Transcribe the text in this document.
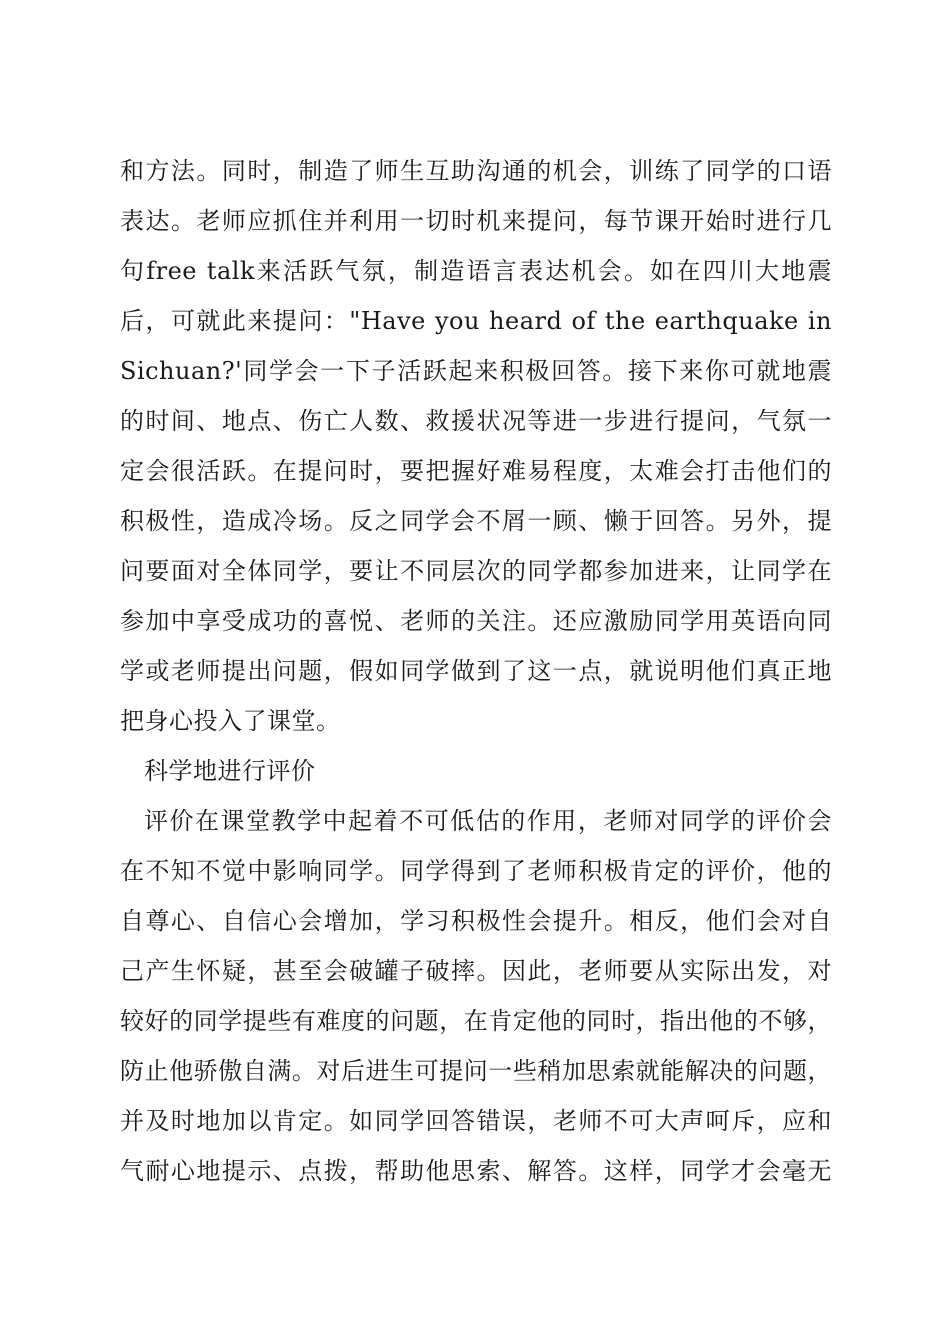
和方法。同时，制造了师生互助沟通的机会，训练了同学的口语
表达。老师应抓住并利用一切时机来提问，每节课开始时进行几
句free talk来活跃气氛，制造语言表达机会。如在四川大地震
后，可就此来提问："Have you heard of the earthquake in
Sichuan?'同学会一下子活跃起来积极回答。接下来你可就地震
的时间、地点、伤亡人数、救援状况等进一步进行提问，气氛一
定会很活跃。在提问时，要把握好难易程度，太难会打击他们的
积极性，造成冷场。反之同学会不屑一顾、懒于回答。另外，提
问要面对全体同学，要让不同层次的同学都参加进来，让同学在
参加中享受成功的喜悦、老师的关注。还应激励同学用英语向同
学或老师提出问题，假如同学做到了这一点，就说明他们真正地
把身心投入了课堂。
科学地进行评价
评价在课堂教学中起着不可低估的作用，老师对同学的评价会
在不知不觉中影响同学。同学得到了老师积极肯定的评价，他的
自尊心、自信心会增加，学习积极性会提升。相反，他们会对自
己产生怀疑，甚至会破罐子破摔。因此，老师要从实际出发，对
较好的同学提些有难度的问题，在肯定他的同时，指出他的不够，
防止他骄傲自满。对后进生可提问一些稍加思索就能解决的问题，
并及时地加以肯定。如同学回答错误，老师不可大声呵斥，应和
气耐心地提示、点拨，帮助他思索、解答。这样，同学才会毫无
